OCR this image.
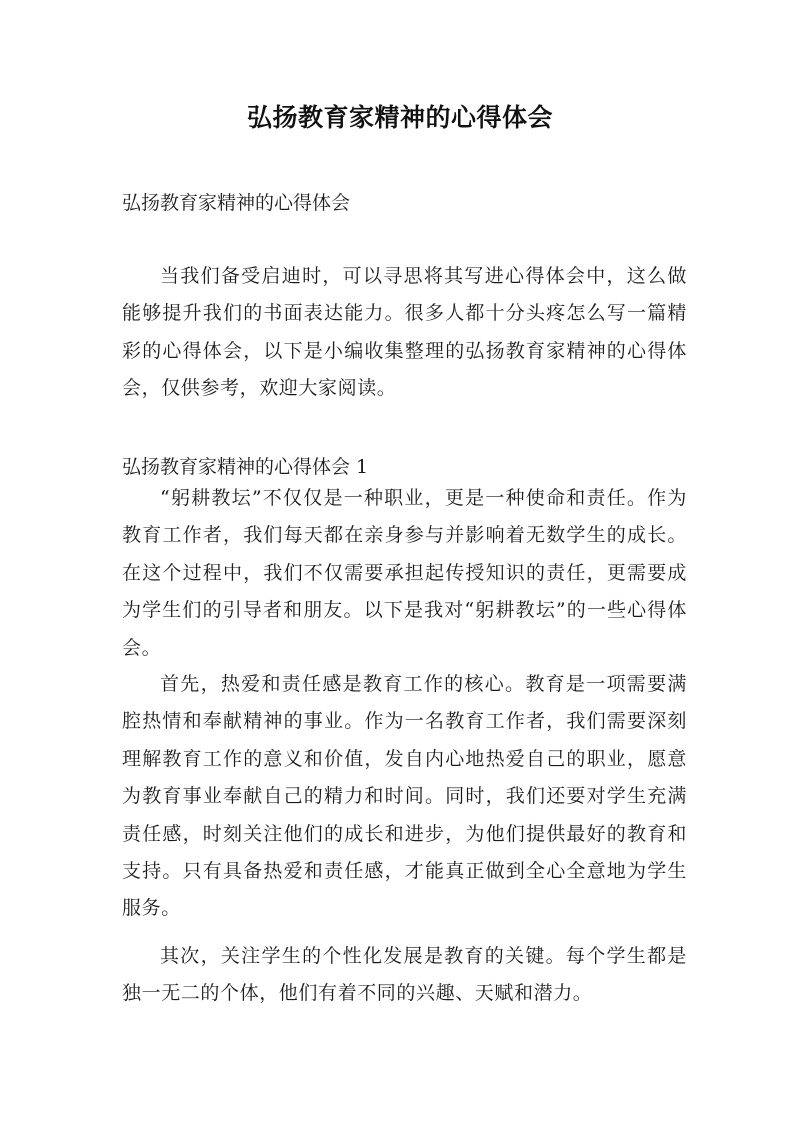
弘扬教育家精神的心得体会
弘扬教育家精神的心得体会

当我们备受启迪时，可以寻思将其写进心得体会中，这么做能够提升我们的书面表达能力。很多人都十分头疼怎么写一篇精彩的心得体会，以下是小编收集整理的弘扬教育家精神的心得体会，仅供参考，欢迎大家阅读。

弘扬教育家精神的心得体会 1

“躬耕教坛”不仅仅是一种职业，更是一种使命和责任。作为教育工作者，我们每天都在亲身参与并影响着无数学生的成长。在这个过程中，我们不仅需要承担起传授知识的责任，更需要成为学生们的引导者和朋友。以下是我对“躬耕教坛”的一些心得体会。

首先，热爱和责任感是教育工作的核心。教育是一项需要满腔热情和奉献精神的事业。作为一名教育工作者，我们需要深刻理解教育工作的意义和价值，发自内心地热爱自己的职业，愿意为教育事业奉献自己的精力和时间。同时，我们还要对学生充满责任感，时刻关注他们的成长和进步，为他们提供最好的教育和支持。只有具备热爱和责任感，才能真正做到全心全意地为学生服务。

其次，关注学生的个性化发展是教育的关键。每个学生都是独一无二的个体，他们有着不同的兴趣、天赋和潜力。
